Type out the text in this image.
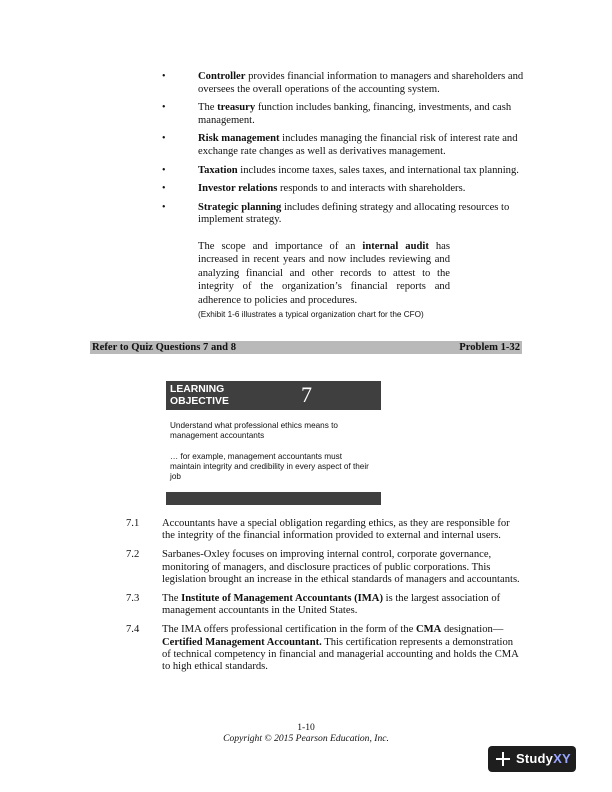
•	Controller provides financial information to managers and shareholders and oversees the overall operations of the accounting system.
•	The treasury function includes banking, financing, investments, and cash management.
•	Risk management includes managing the financial risk of interest rate and exchange rate changes as well as derivatives management.
•	Taxation includes income taxes, sales taxes, and international tax planning.
•	Investor relations responds to and interacts with shareholders.
•	Strategic planning includes defining strategy and allocating resources to implement strategy.
The scope and importance of an internal audit has increased in recent years and now includes reviewing and analyzing financial and other records to attest to the integrity of the organization’s financial reports and adherence to policies and procedures.
(Exhibit 1-6 illustrates a typical organization chart for the CFO)
Refer to Quiz Questions 7 and 8	Problem 1-32
LEARNING
OBJECTIVE	7
Understand what professional ethics means to management accountants
… for example, management accountants must maintain integrity and credibility in every aspect of their job
7.1 Accountants have a special obligation regarding ethics, as they are responsible for the integrity of the financial information provided to external and internal users.
7.2 Sarbanes-Oxley focuses on improving internal control, corporate governance, monitoring of managers, and disclosure practices of public corporations. This legislation brought an increase in the ethical standards of managers and accountants.
7.3 The Institute of Management Accountants (IMA) is the largest association of management accountants in the United States.
7.4 The IMA offers professional certification in the form of the CMA designation—Certified Management Accountant. This certification represents a demonstration of technical competency in financial and managerial accounting and holds the CMA to high ethical standards.
1-10
Copyright © 2015 Pearson Education, Inc.
StudyXY
